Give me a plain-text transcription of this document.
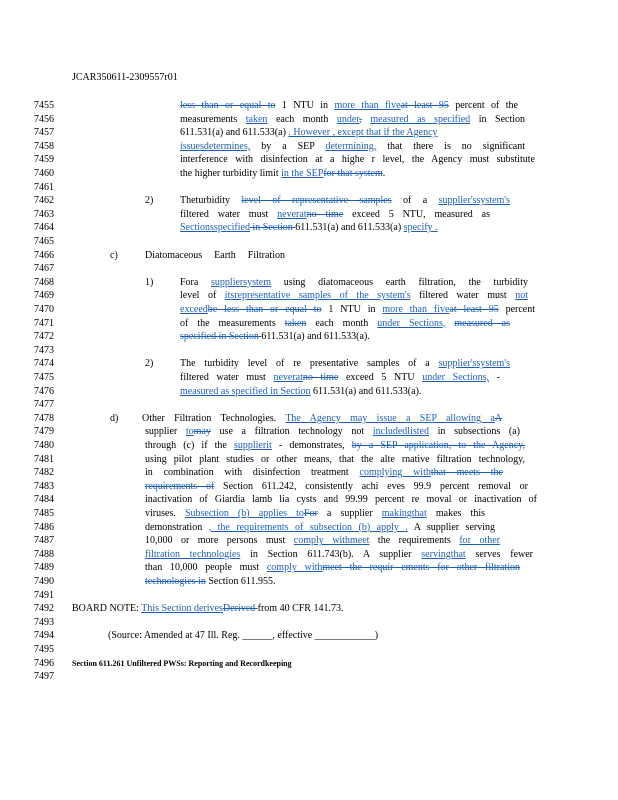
JCAR350611-2309557r01
7455	less than or equal to 1 NTU in more than fiveat least 95 percent of the
7456	measurements taken each month under, measured as specified in Section
7457	611.531(a) and 611.533(a) . However , except that if the Agency
7458	issuesdetermines, by a SEP determining, that there is no significant
7459	interference with disinfection at a highe r level, the Agency must substitute
7460	the higher turbidity limit in the SEPfor that system.
7461
7462	2)	Theturbidity level of representative samples of a supplier'ssystem's
7463	filtered water must neveratno time exceed 5 NTU, measured as
7464	Sectionsspecified in Section 611.531(a) and 611.533(a) specify .
7465
7466	c)	Diatomaceous Earth Filtration
7467
7468	1)	Fora suppliersystem using diatomaceous earth filtration, the turbidity
7469	level of itsrepresentative samples of the system's filtered water must not
7470	exceedbe less than or equal to 1 NTU in more than fiveat least 95 percent
7471	of the measurements taken each month under Sections, measured as
7472	specified in Section 611.531(a) and 611.533(a).
7473
7474	2)	The turbidity level of re presentative samples of a supplier'ssystem's
7475	filtered water must neveratno time exceed 5 NTU under Sections, -
7476	measured as specified in Section 611.531(a) and 611.533(a).
7477
7478	d) Other Filtration Technologies. The Agency may issue a SEP allowing aA
7479	supplier tomay use a filtration technology not includedlisted in subsections (a)
7480	through (c) if the supplierit - demonstrates, by a SEP application, to the Agency,
7481	using pilot plant studies or other means, that the alte rnative filtration technology,
7482	in combination with disinfection treatment complying withthat meets the
7483	requirements of Section 611.242, consistently achi eves 99.9 percent removal or
7484	inactivation of Giardia lamb lia cysts and 99.99 percent re moval or inactivation of
7485	viruses. Subsection (b) applies toFor a supplier makingthat makes this
7486	demonstration , the requirements of subsection (b) apply . A supplier serving
7487	10,000 or more persons must comply withmeet the requirements for other
7488	filtration technologies in Section 611.743(b). A supplier servingthat serves fewer
7489	than 10,000 people must comply withmeet the requir ements for other filtration
7490	technologies in Section 611.955.
7491
7492 BOARD NOTE: This Section derivesDerived from 40 CFR 141.73.
7493
7494	(Source: Amended at 47 Ill. Reg. ______, effective ____________)
7495
7496 Section 611.261 Unfiltered PWSs: Reporting and Recordkeeping
7497
